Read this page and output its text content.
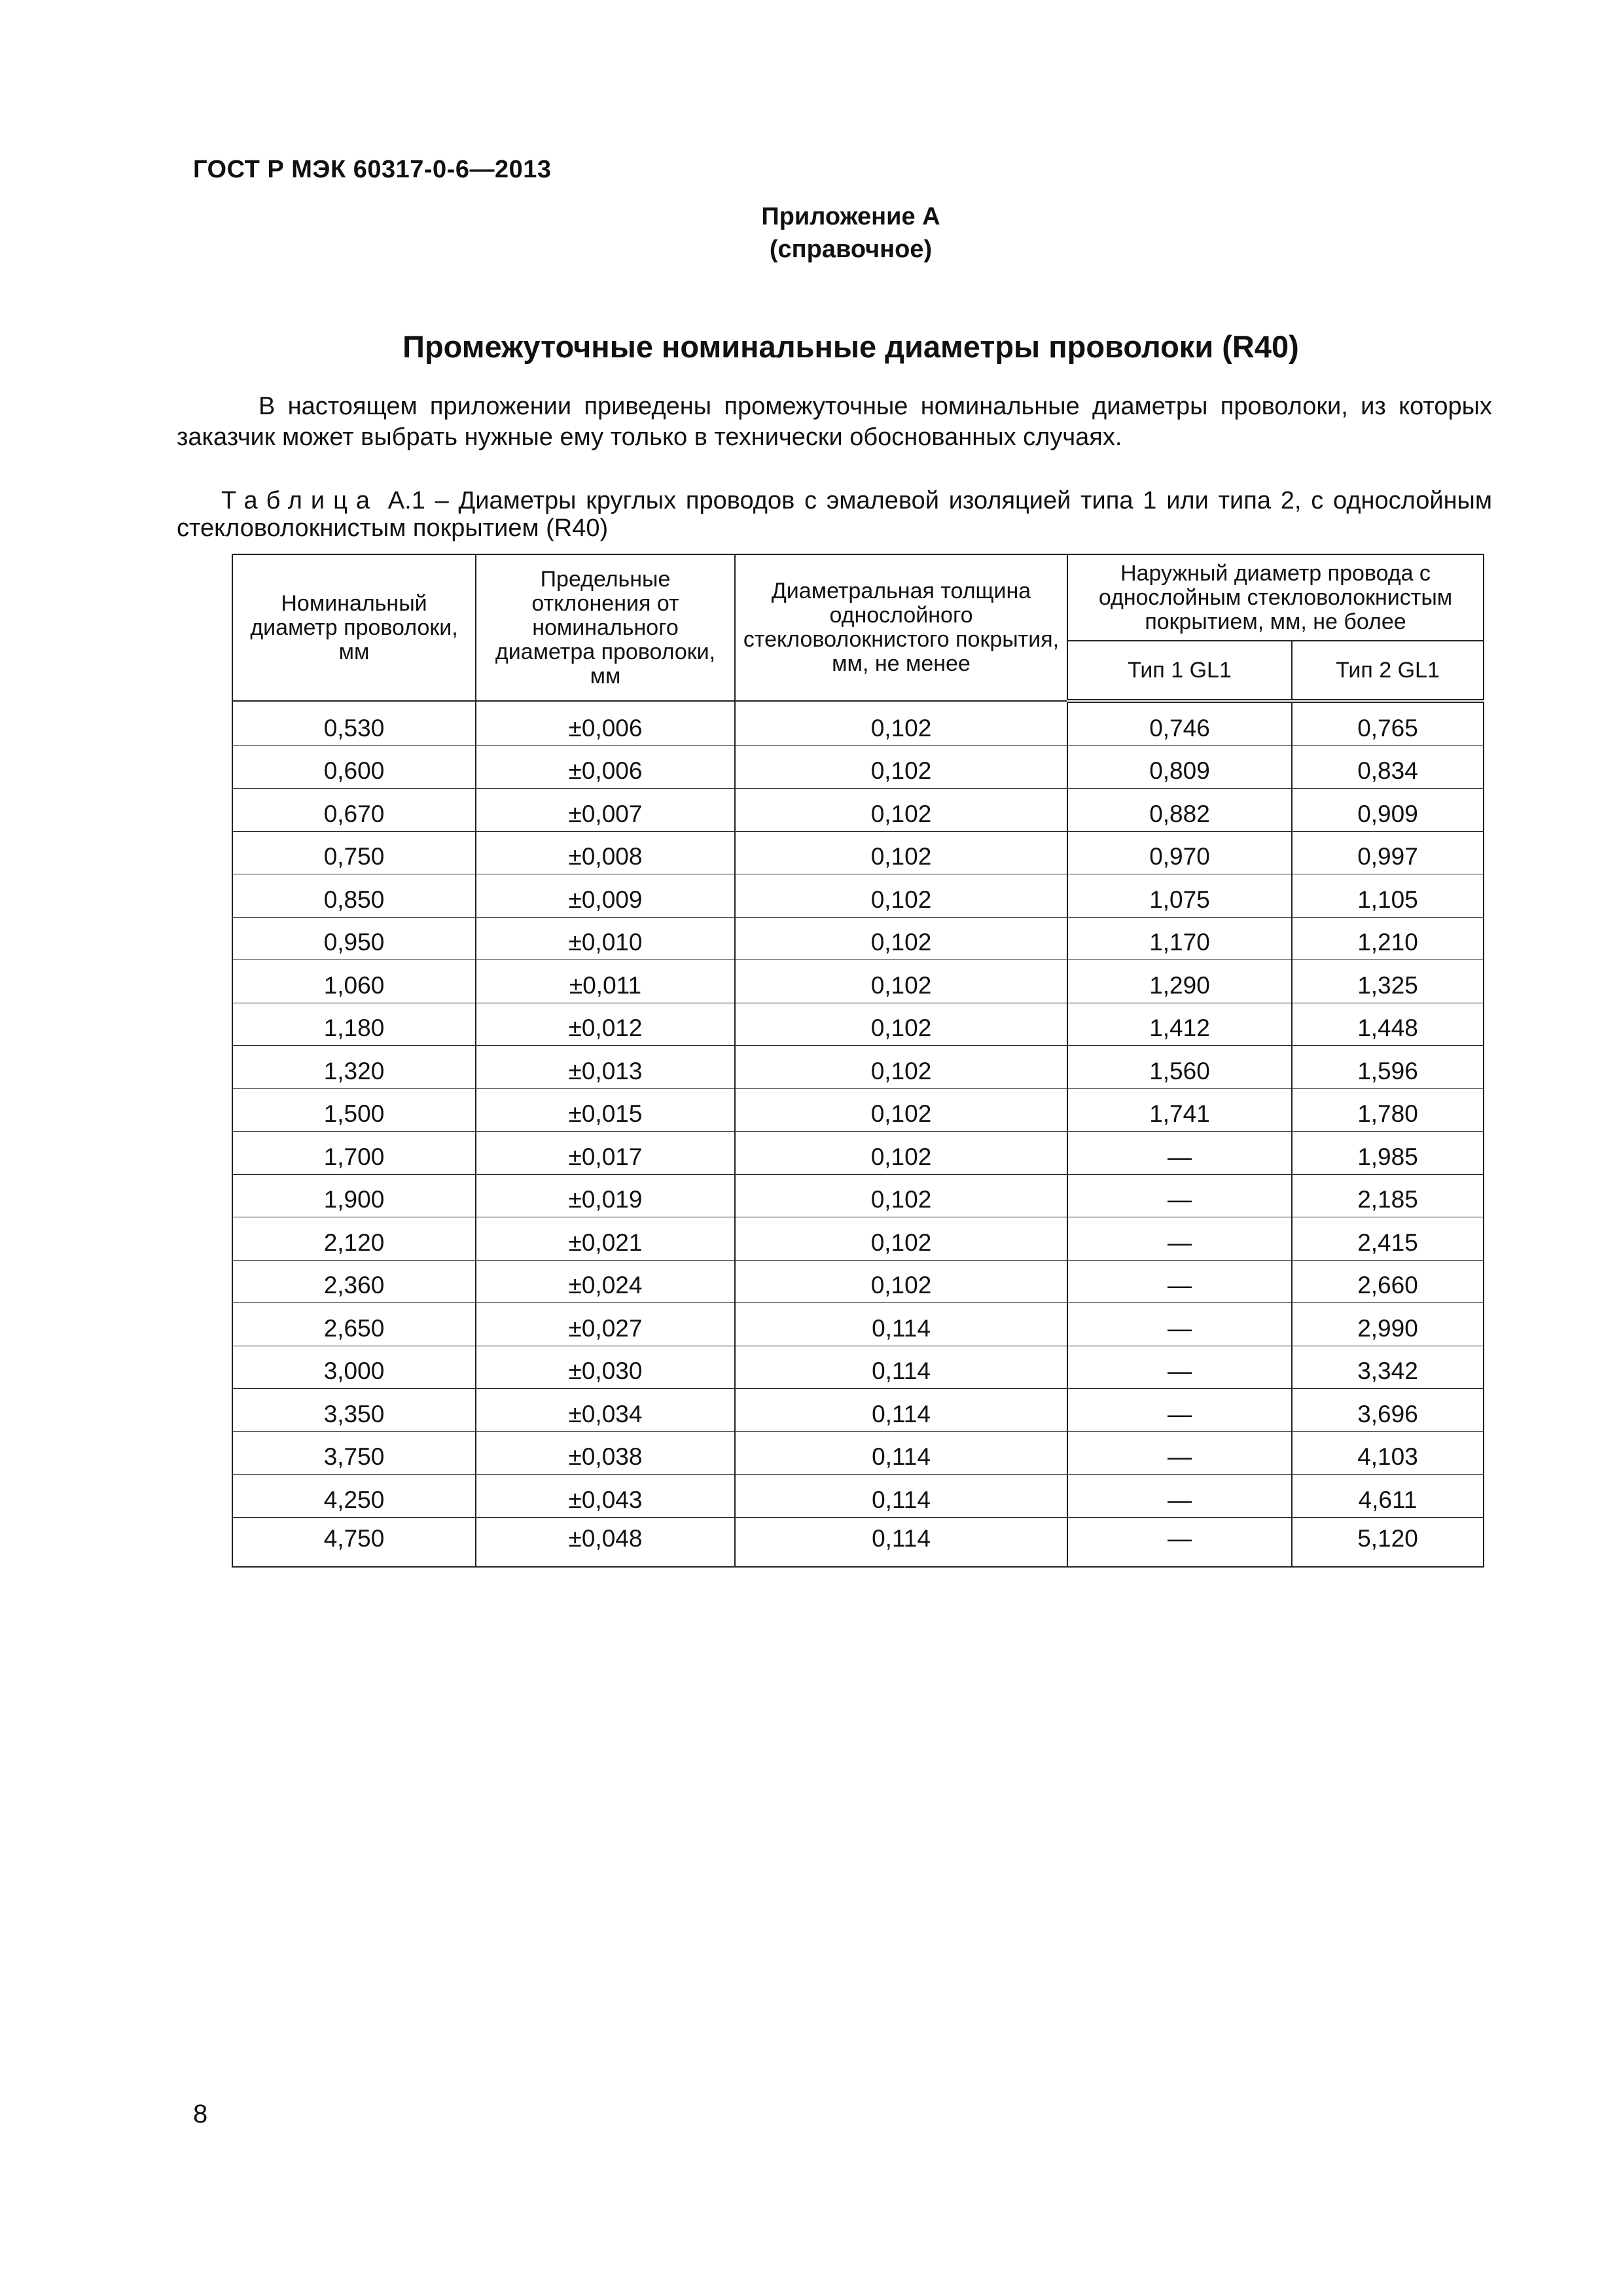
ГОСТ Р МЭК 60317-0-6—2013
Приложение А
(справочное)
Промежуточные номинальные диаметры проволоки (R40)

В настоящем приложении приведены промежуточные номинальные диаметры проволоки, из которых заказчик может выбрать нужные ему только в технически обоснованных случаях.

Таблица А.1 – Диаметры круглых проводов с эмалевой изоляцией типа 1 или типа 2, с однослойным стекловолокнистым покрытием (R40)

Номинальный диаметр проволоки, мм	Предельные отклонения от номинального диаметра проволоки, мм	Диаметральная толщина однослойного стекловолокнистого покрытия, мм, не менее	Наружный диаметр провода с однослойным стекловолокнистым покрытием, мм, не более	
			Тип 1 GL1	Тип 2 GL1
0,530	±0,006	0,102	0,746	0,765
0,600	±0,006	0,102	0,809	0,834
0,670	±0,007	0,102	0,882	0,909
0,750	±0,008	0,102	0,970	0,997
0,850	±0,009	0,102	1,075	1,105
0,950	±0,010	0,102	1,170	1,210
1,060	±0,011	0,102	1,290	1,325
1,180	±0,012	0,102	1,412	1,448
1,320	±0,013	0,102	1,560	1,596
1,500	±0,015	0,102	1,741	1,780
1,700	±0,017	0,102	—	1,985
1,900	±0,019	0,102	—	2,185
2,120	±0,021	0,102	—	2,415
2,360	±0,024	0,102	—	2,660
2,650	±0,027	0,114	—	2,990
3,000	±0,030	0,114	—	3,342
3,350	±0,034	0,114	—	3,696
3,750	±0,038	0,114	—	4,103
4,250	±0,043	0,114	—	4,611
4,750	±0,048	0,114	—	5,120
8
